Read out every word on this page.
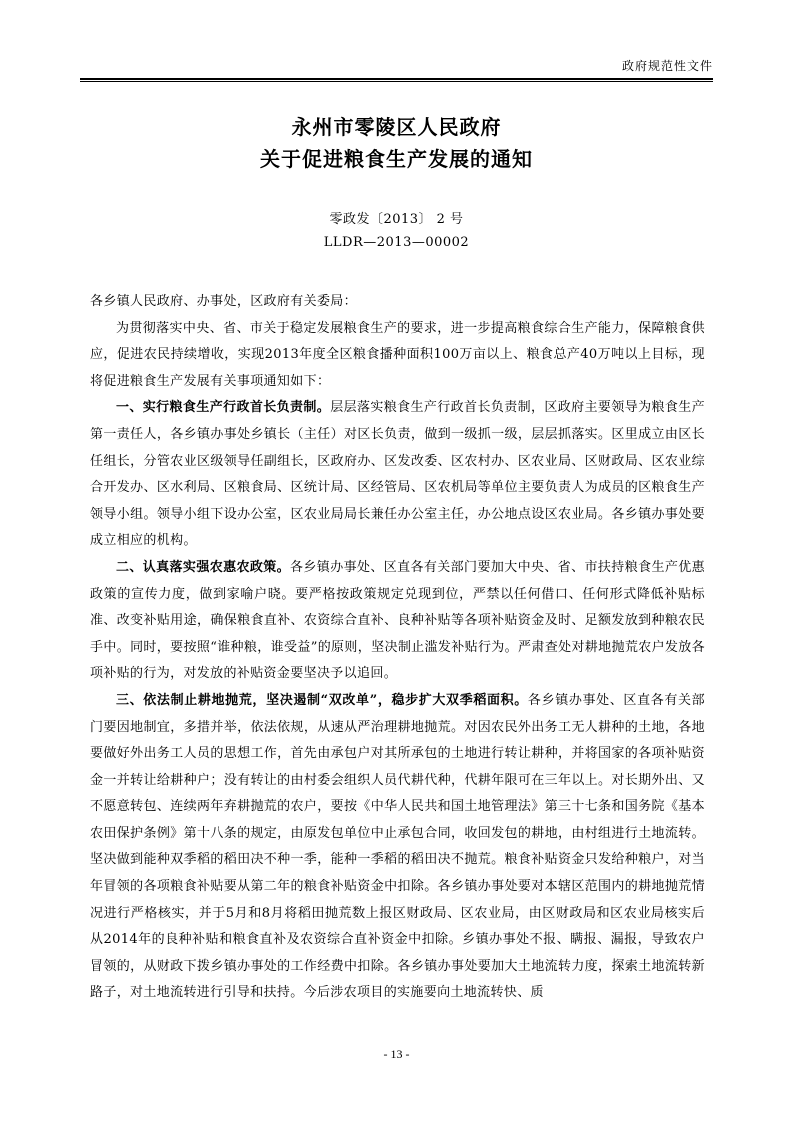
政府规范性文件
永州市零陵区人民政府
关于促进粮食生产发展的通知
零政发〔2013〕 2 号
LLDR—2013—00002

各乡镇人民政府、办事处，区政府有关委局：

为贯彻落实中央、省、市关于稳定发展粮食生产的要求，进一步提高粮食综合生产能力，保障粮食供应，促进农民持续增收，实现2013年度全区粮食播种面积100万亩以上、粮食总产40万吨以上目标，现将促进粮食生产发展有关事项通知如下：

一、实行粮食生产行政首长负责制。层层落实粮食生产行政首长负责制，区政府主要领导为粮食生产第一责任人，各乡镇办事处乡镇长（主任）对区长负责，做到一级抓一级，层层抓落实。区里成立由区长任组长，分管农业区级领导任副组长，区政府办、区发改委、区农村办、区农业局、区财政局、区农业综合开发办、区水利局、区粮食局、区统计局、区经管局、区农机局等单位主要负责人为成员的区粮食生产领导小组。领导小组下设办公室，区农业局局长兼任办公室主任，办公地点设区农业局。各乡镇办事处要成立相应的机构。

二、认真落实强农惠农政策。各乡镇办事处、区直各有关部门要加大中央、省、市扶持粮食生产优惠政策的宣传力度，做到家喻户晓。要严格按政策规定兑现到位，严禁以任何借口、任何形式降低补贴标准、改变补贴用途，确保粮食直补、农资综合直补、良种补贴等各项补贴资金及时、足额发放到种粮农民手中。同时，要按照“谁种粮，谁受益”的原则，坚决制止滥发补贴行为。严肃查处对耕地抛荒农户发放各项补贴的行为，对发放的补贴资金要坚决予以追回。

三、依法制止耕地抛荒，坚决遏制“双改单”，稳步扩大双季稻面积。各乡镇办事处、区直各有关部门要因地制宜，多措并举，依法依规，从速从严治理耕地抛荒。对因农民外出务工无人耕种的土地，各地要做好外出务工人员的思想工作，首先由承包户对其所承包的土地进行转让耕种，并将国家的各项补贴资金一并转让给耕种户；没有转让的由村委会组织人员代耕代种，代耕年限可在三年以上。对长期外出、又不愿意转包、连续两年弃耕抛荒的农户，要按《中华人民共和国土地管理法》第三十七条和国务院《基本农田保护条例》第十八条的规定，由原发包单位中止承包合同，收回发包的耕地，由村组进行土地流转。坚决做到能种双季稻的稻田决不种一季，能种一季稻的稻田决不抛荒。粮食补贴资金只发给种粮户，对当年冒领的各项粮食补贴要从第二年的粮食补贴资金中扣除。各乡镇办事处要对本辖区范围内的耕地抛荒情况进行严格核实，并于5月和8月将稻田抛荒数上报区财政局、区农业局，由区财政局和区农业局核实后从2014年的良种补贴和粮食直补及农资综合直补资金中扣除。乡镇办事处不报、瞒报、漏报，导致农户冒领的，从财政下拨乡镇办事处的工作经费中扣除。各乡镇办事处要加大土地流转力度，探索土地流转新路子，对土地流转进行引导和扶持。今后涉农项目的实施要向土地流转快、质

- 13 -
